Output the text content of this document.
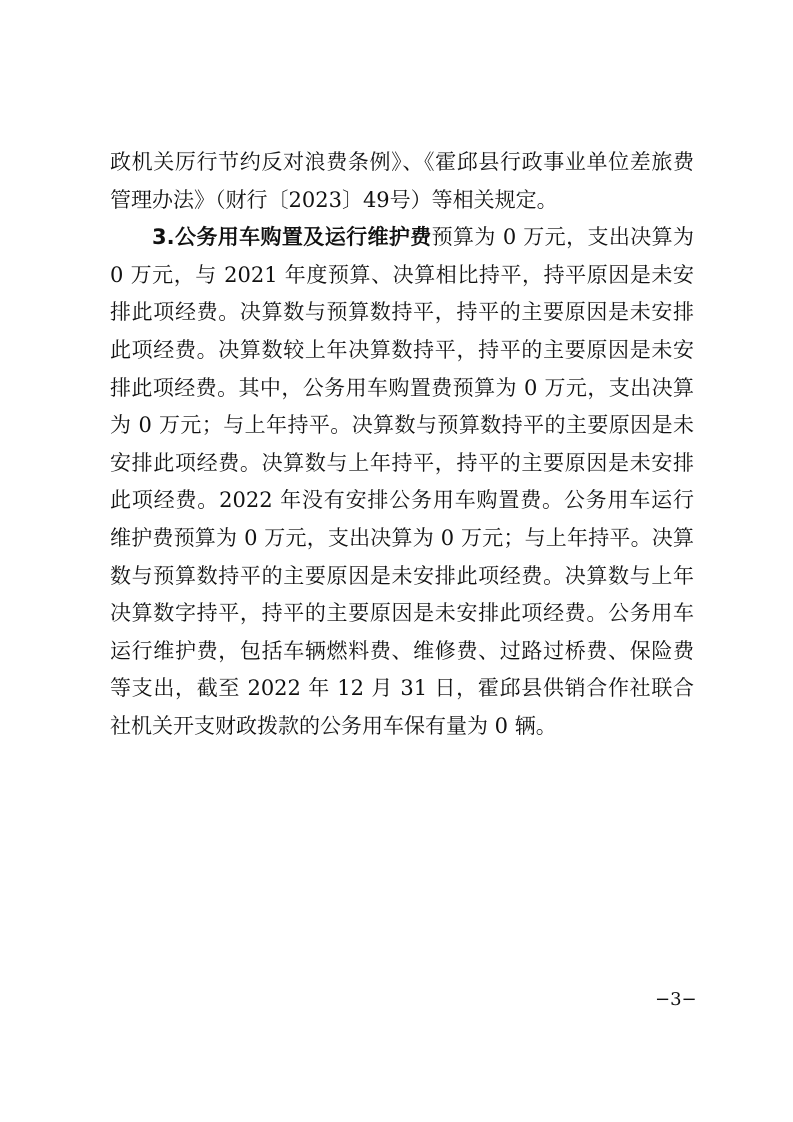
政机关厉行节约反对浪费条例》、《霍邱县行政事业单位差旅费管理办法》（财行〔2023〕49号）等相关规定。

3.公务用车购置及运行维护费预算为 0 万元，支出决算为　0 万元，与 2021 年度预算、决算相比持平，持平原因是未安排此项经费。决算数与预算数持平，持平的主要原因是未安排此项经费。决算数较上年决算数持平，持平的主要原因是未安排此项经费。其中，公务用车购置费预算为 0 万元，支出决算为 0 万元；与上年持平。决算数与预算数持平的主要原因是未安排此项经费。决算数与上年持平，持平的主要原因是未安排此项经费。2022 年没有安排公务用车购置费。公务用车运行维护费预算为 0 万元，支出决算为 0 万元；与上年持平。决算数与预算数持平的主要原因是未安排此项经费。决算数与上年决算数字持平，持平的主要原因是未安排此项经费。公务用车运行维护费，包括车辆燃料费、维修费、过路过桥费、保险费等支出，截至 2022 年 12 月 31 日，霍邱县供销合作社联合社机关开支财政拨款的公务用车保有量为 0 辆。

−3−
